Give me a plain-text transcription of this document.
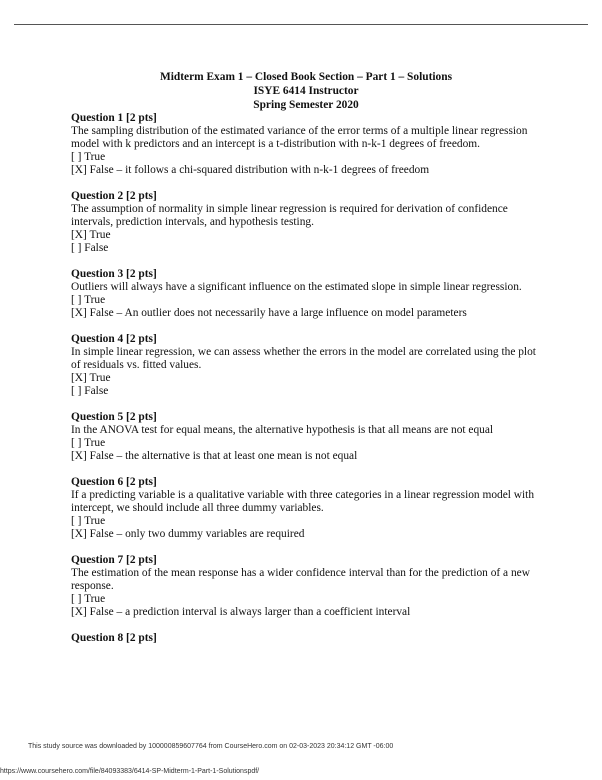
Midterm Exam 1 – Closed Book Section – Part 1 – Solutions
ISYE 6414 Instructor
Spring Semester 2020
Question 1 [2 pts]
The sampling distribution of the estimated variance of the error terms of a multiple linear regression model with k predictors and an intercept is a t-distribution with n-k-1 degrees of freedom.
[ ] True
[X] False – it follows a chi-squared distribution with n-k-1 degrees of freedom
Question 2 [2 pts]
The assumption of normality in simple linear regression is required for derivation of confidence intervals, prediction intervals, and hypothesis testing.
[X] True
[ ] False
Question 3 [2 pts]
Outliers will always have a significant influence on the estimated slope in simple linear regression.
[ ] True
[X] False – An outlier does not necessarily have a large influence on model parameters
Question 4 [2 pts]
In simple linear regression, we can assess whether the errors in the model are correlated using the plot of residuals vs. fitted values.
[X] True
[ ] False
Question 5 [2 pts]
In the ANOVA test for equal means, the alternative hypothesis is that all means are not equal
[ ] True
[X] False – the alternative is that at least one mean is not equal
Question 6 [2 pts]
If a predicting variable is a qualitative variable with three categories in a linear regression model with intercept, we should include all three dummy variables.
[ ] True
[X] False – only two dummy variables are required
Question 7 [2 pts]
The estimation of the mean response has a wider confidence interval than for the prediction of a new response.
[ ] True
[X] False – a prediction interval is always larger than a coefficient interval
Question 8 [2 pts]
This study source was downloaded by 100000859607764 from CourseHero.com on 02-03-2023 20:34:12 GMT -06:00
https://www.coursehero.com/file/84093383/6414-SP-Midterm-1-Part-1-Solutionspdf/
